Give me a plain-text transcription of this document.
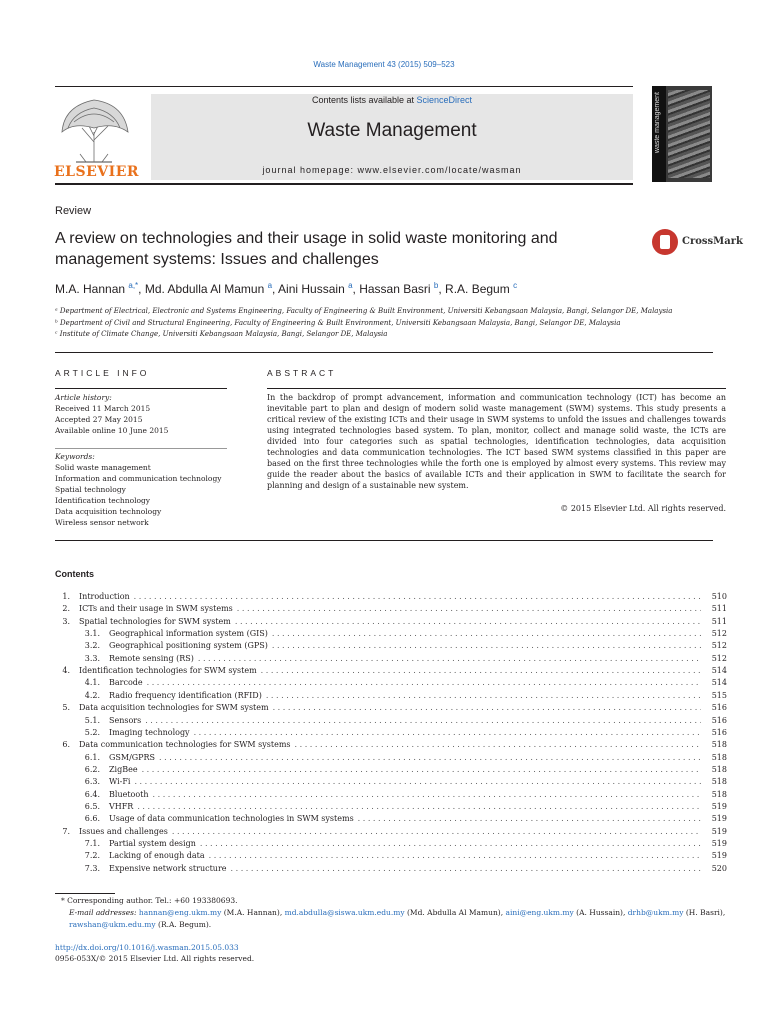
Waste Management 43 (2015) 509–523
ELSEVIER
Contents lists available at ScienceDirect
Waste Management
journal homepage: www.elsevier.com/locate/wasman
waste management
Review
A review on technologies and their usage in solid waste monitoring and management systems: Issues and challenges
CrossMark
M.A. Hannan $^{a,*}$, Md. Abdulla Al Mamun $^a$, Aini Hussain $^a$, Hassan Basri $^b$, R.A. Begum $^c$
ᵃ Department of Electrical, Electronic and Systems Engineering, Faculty of Engineering & Built Environment, Universiti Kebangsaan Malaysia, Bangi, Selangor DE, Malaysia
ᵇ Department of Civil and Structural Engineering, Faculty of Engineering & Built Environment, Universiti Kebangsaan Malaysia, Bangi, Selangor DE, Malaysia
ᶜ Institute of Climate Change, Universiti Kebangsaan Malaysia, Bangi, Selangor DE, Malaysia
ARTICLE INFO
Article history:
Received 11 March 2015
Accepted 27 May 2015
Available online 10 June 2015
Keywords:
Solid waste management
Information and communication technology
Spatial technology
Identification technology
Data acquisition technology
Wireless sensor network
ABSTRACT
In the backdrop of prompt advancement, information and communication technology (ICT) has become an inevitable part to plan and design of modern solid waste management (SWM) systems. This study presents a critical review of the existing ICTs and their usage in SWM systems to unfold the issues and challenges towards using integrated technologies based system. To plan, monitor, collect and manage solid waste, the ICTs are divided into four categories such as spatial technologies, identification technologies, data acquisition technologies and data communication technologies. The ICT based SWM systems classified in this paper are based on the first three technologies while the forth one is employed by almost every systems. This review may guide the reader about the basics of available ICTs and their application in SWM to facilitate the search for planning and design of a sustainable new system.
© 2015 Elsevier Ltd. All rights reserved.
Contents
1. Introduction . . .	510
2. ICTs and their usage in SWM systems . . .	511
3. Spatial technologies for SWM system . . .	511
3.1. Geographical information system (GIS) . . .	512
3.2. Geographical positioning system (GPS) . . .	512
3.3. Remote sensing (RS) . . .	512
4. Identification technologies for SWM system . . .	514
4.1. Barcode . . .	514
4.2. Radio frequency identification (RFID) . . .	515
5. Data acquisition technologies for SWM system . . .	516
5.1. Sensors . . .	516
5.2. Imaging technology . . .	516
6. Data communication technologies for SWM systems . . .	518
6.1. GSM/GPRS . . .	518
6.2. ZigBee . . .	518
6.3. Wi-Fi . . .	518
6.4. Bluetooth . . .	518
6.5. VHFR . . .	519
6.6. Usage of data communication technologies in SWM systems . . .	519
7. Issues and challenges . . .	519
7.1. Partial system design . . .	519
7.2. Lacking of enough data . . .	519
7.3. Expensive network structure . . .	520
* Corresponding author. Tel.: +60 193380693.
E-mail addresses: hannan@eng.ukm.my (M.A. Hannan), md.abdulla@siswa.ukm.edu.my (Md. Abdulla Al Mamun), aini@eng.ukm.my (A. Hussain), drhb@ukm.my (H. Basri), rawshan@ukm.edu.my (R.A. Begum).
http://dx.doi.org/10.1016/j.wasman.2015.05.033
0956-053X/© 2015 Elsevier Ltd. All rights reserved.
